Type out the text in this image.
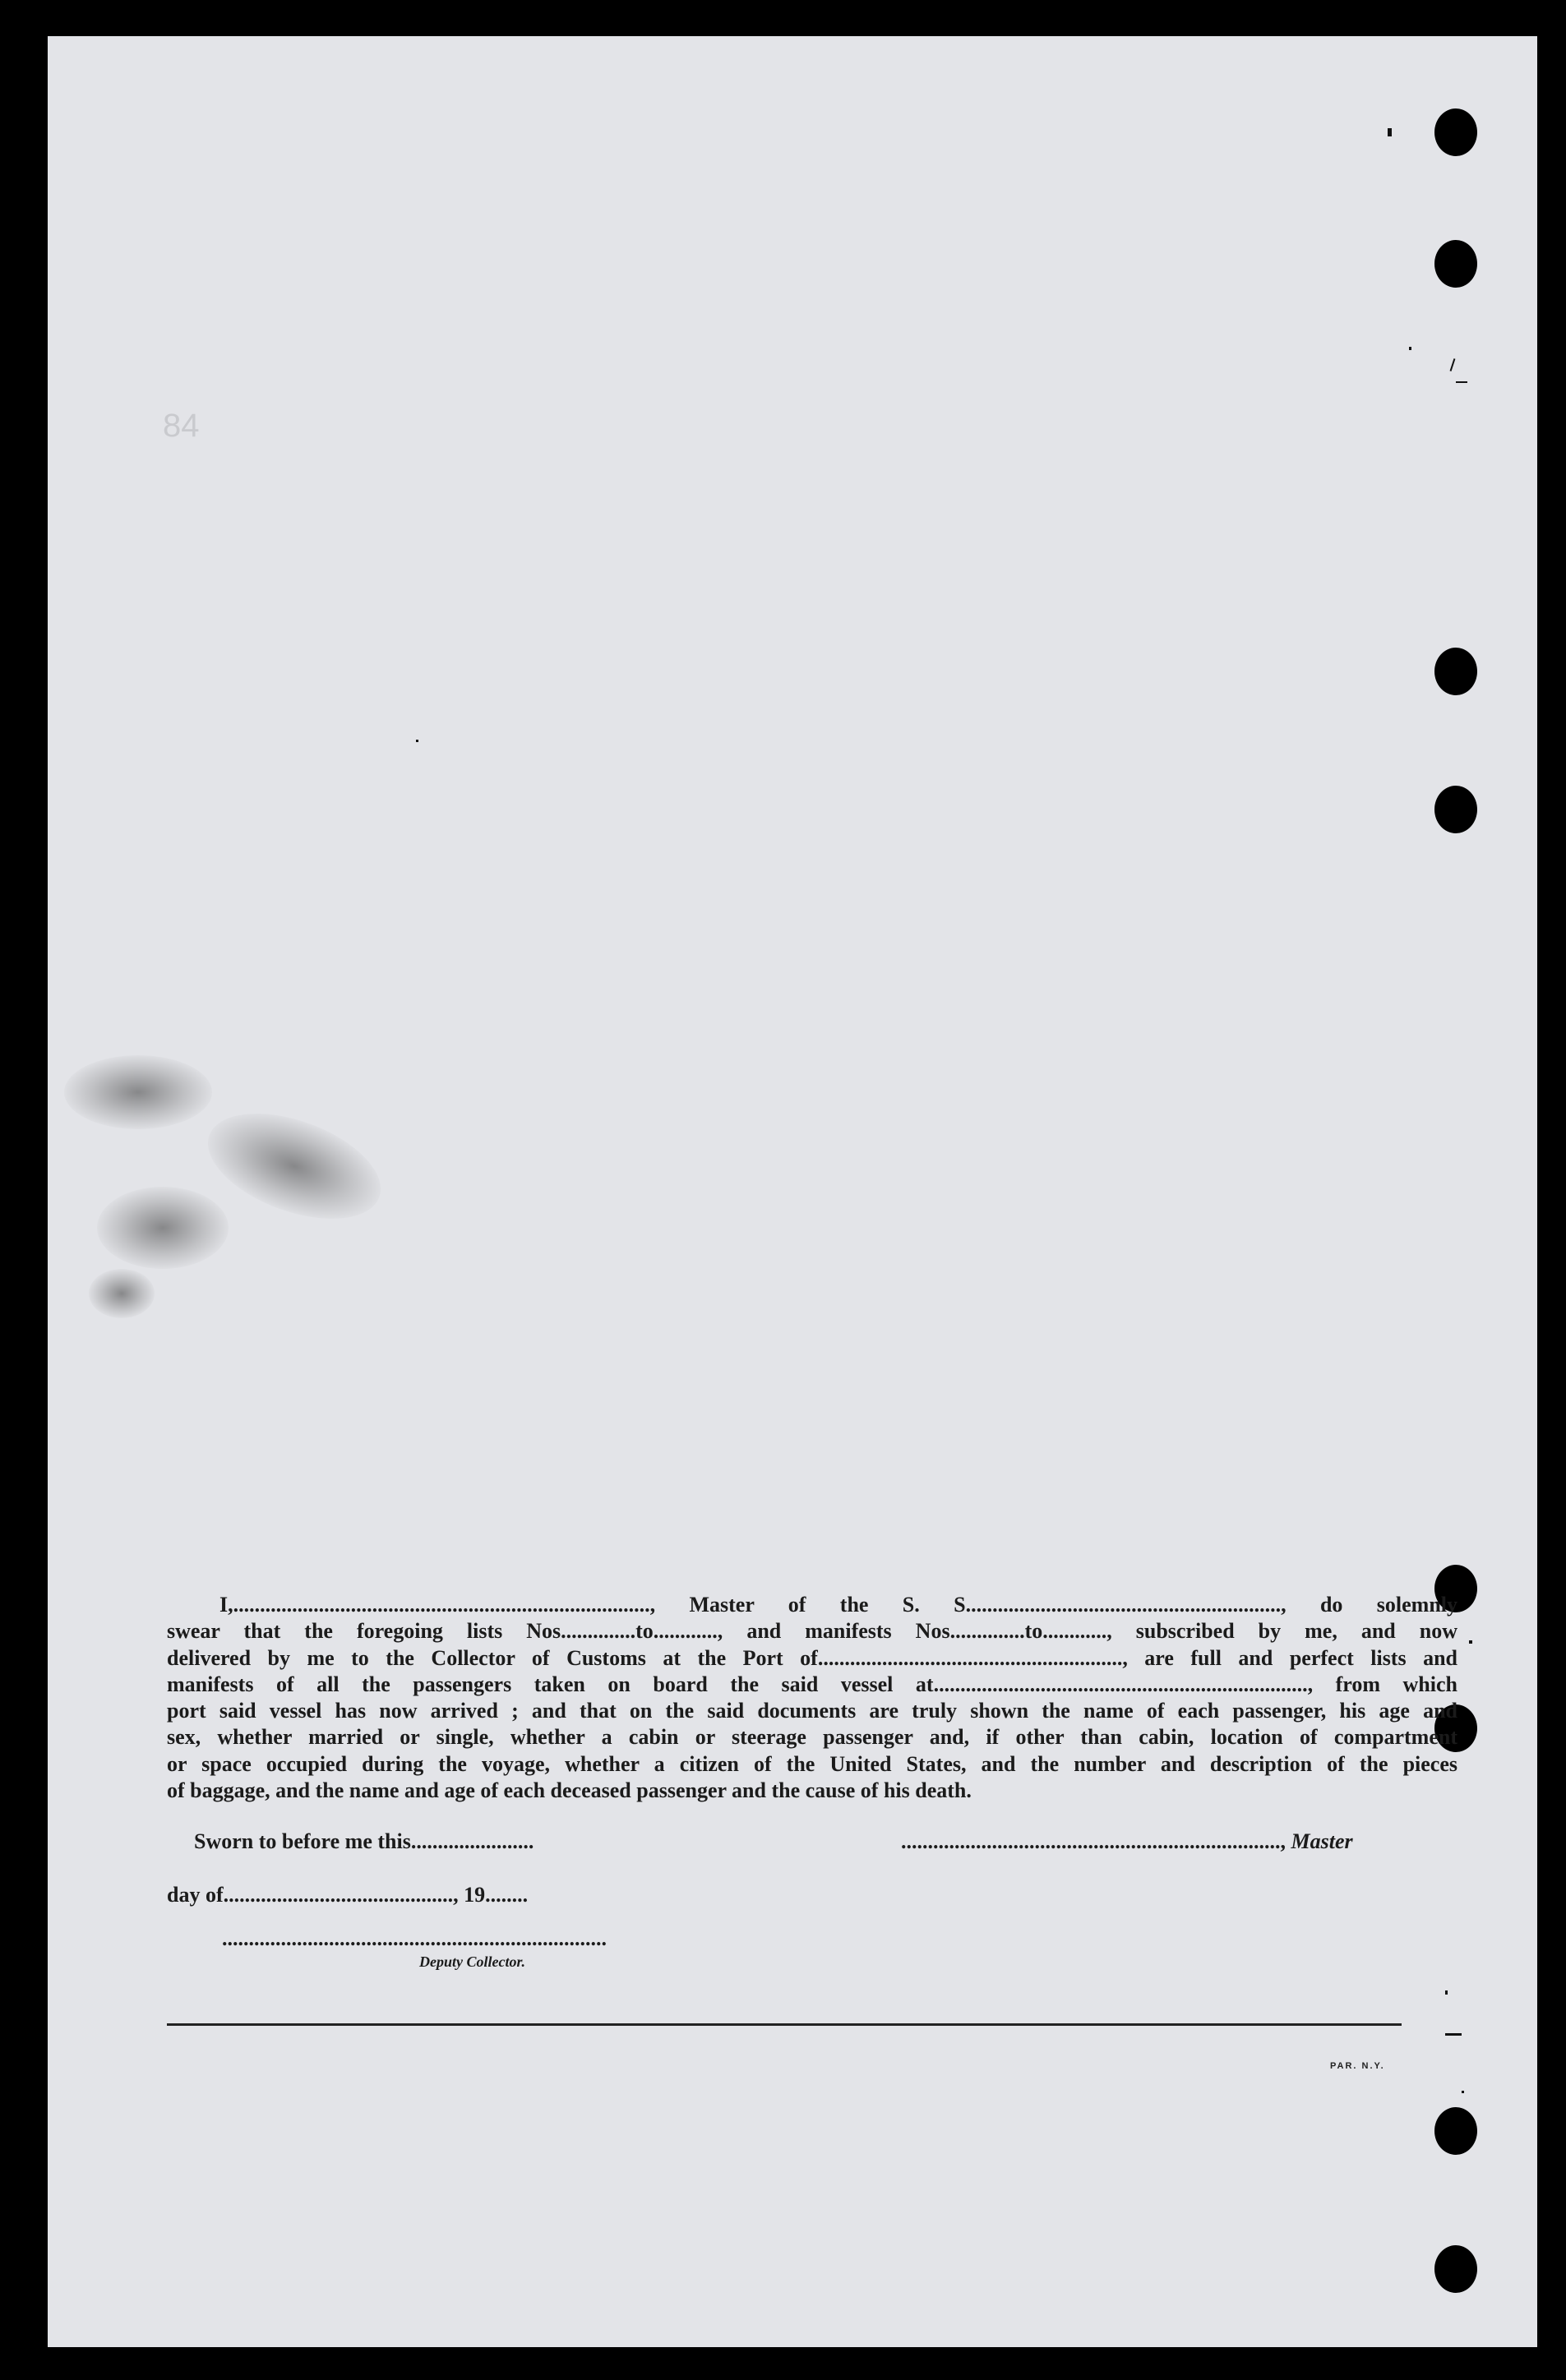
84
I,.............................................................................., Master of the S. S..........................................................., do solemnly
swear that the foregoing lists Nos..............to............, and manifests Nos..............to............, subscribed by me, and now
delivered by me to the Collector of Customs at the Port of........................................................., are full and perfect lists and
manifests of all the passengers taken on board the said vessel at......................................................................, from which
port said vessel has now arrived ; and that on the said documents are truly shown the name of each passenger, his age and
sex, whether married or single, whether a cabin or steerage passenger and, if other than cabin, location of compartment
or space occupied during the voyage, whether a citizen of the United States, and the number and description of the pieces
of baggage, and the name and age of each deceased passenger and the cause of his death.
Sworn to before me this.......................	......................................................................., Master
day of..........................................., 19........
........................................................................
Deputy Collector.
PAR. N.Y.
